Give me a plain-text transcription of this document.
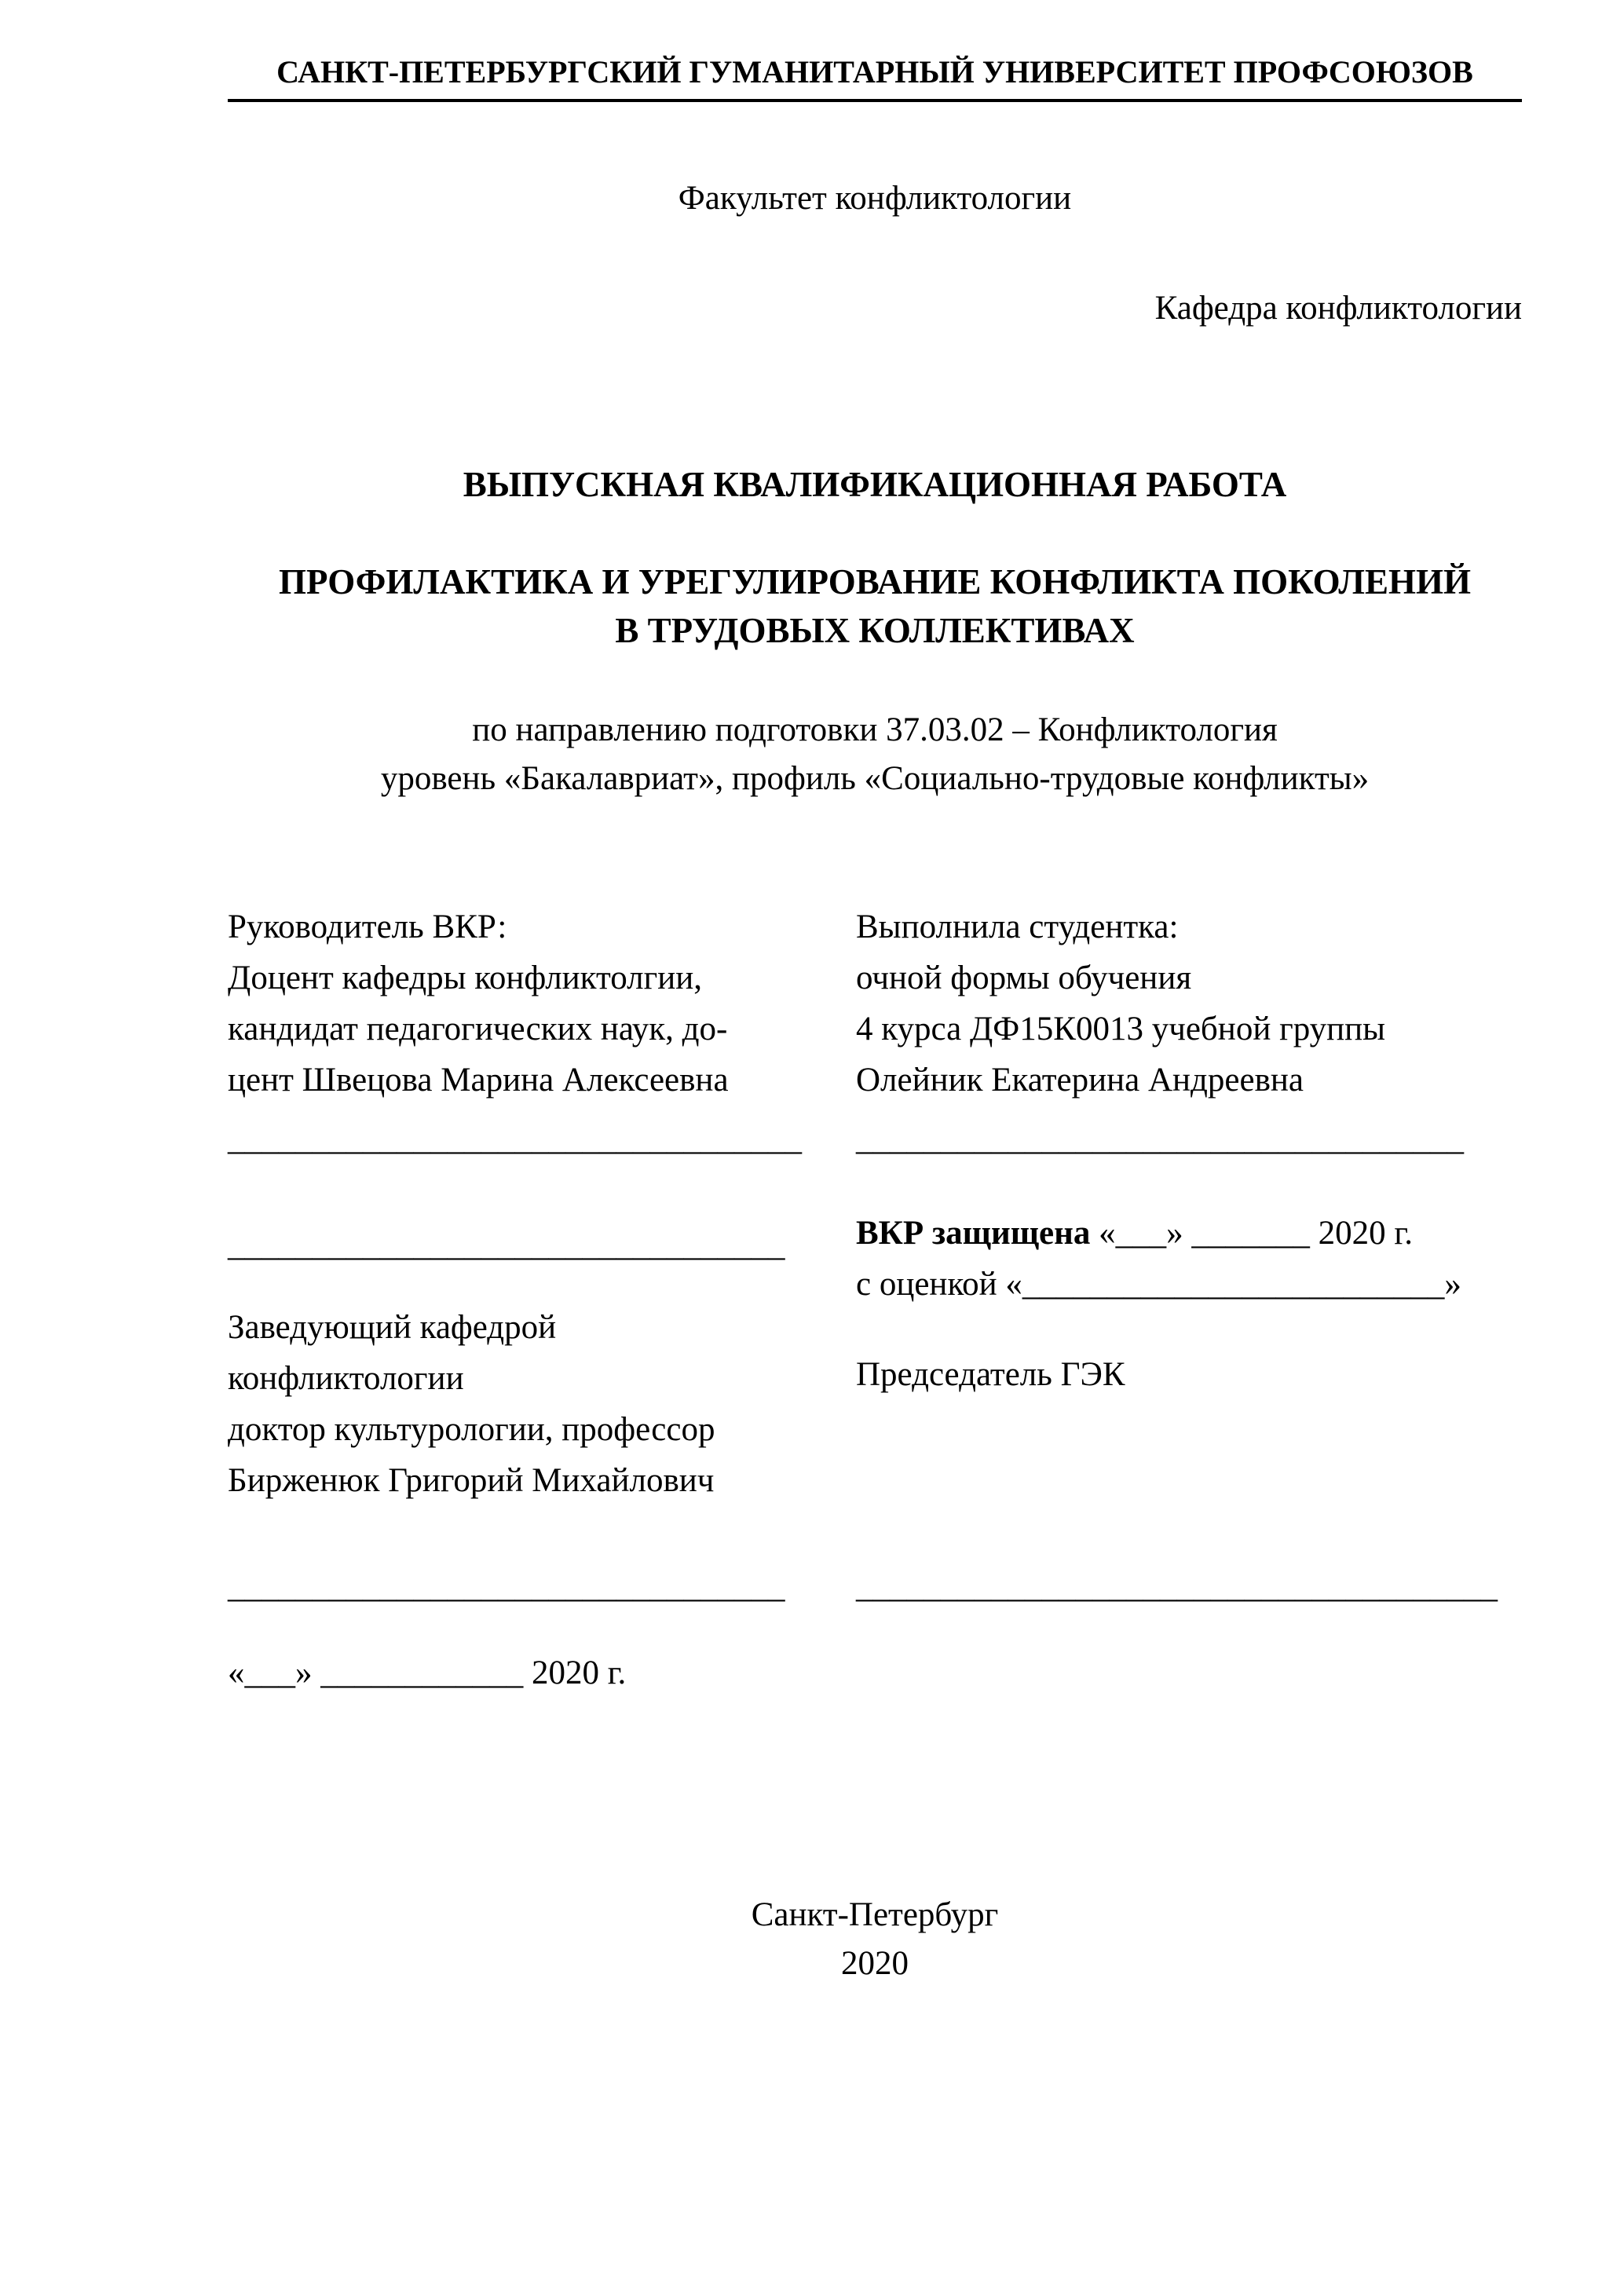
САНКТ-ПЕТЕРБУРГСКИЙ ГУМАНИТАРНЫЙ УНИВЕРСИТЕТ ПРОФСОЮЗОВ
Факультет конфликтологии
Кафедра конфликтологии
ВЫПУСКНАЯ КВАЛИФИКАЦИОННАЯ РАБОТА
ПРОФИЛАКТИКА И УРЕГУЛИРОВАНИЕ КОНФЛИКТА ПОКОЛЕНИЙ
В ТРУДОВЫХ КОЛЛЕКТИВАХ
по направлению подготовки 37.03.02 – Конфликтология
уровень «Бакалавриат», профиль «Социально-трудовые конфликты»
Руководитель ВКР:
Доцент кафедры конфликтолгии,
кандидат педагогических наук, до-
цент Швецова Марина Алексеевна
__________________________________
_________________________________
Заведующий кафедрой
конфликтологии
доктор культурологии, профессор
Бирженюк Григорий Михайлович
_________________________________
«___» ____________ 2020 г.
Выполнила студентка:
очной формы обучения
4 курса ДФ15К0013 учебной группы
Олейник Екатерина Андреевна
____________________________________
ВКР защищена «___» _______ 2020 г.
с оценкой «_________________________»
Председатель ГЭК
______________________________________
Санкт-Петербург
2020
